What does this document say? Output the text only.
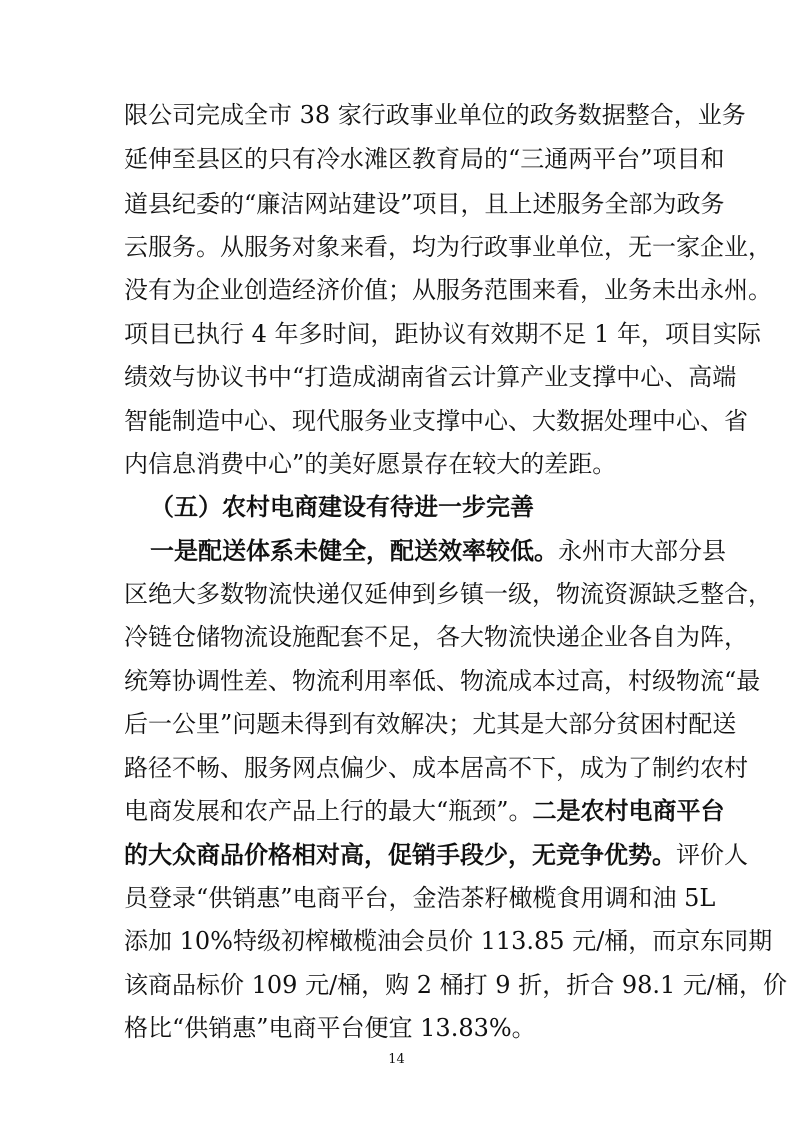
限公司完成全市 38 家行政事业单位的政务数据整合，业务
延伸至县区的只有冷水滩区教育局的“三通两平台”项目和
道县纪委的“廉洁网站建设”项目，且上述服务全部为政务
云服务。从服务对象来看，均为行政事业单位，无一家企业，
没有为企业创造经济价值；从服务范围来看，业务未出永州。
项目已执行 4 年多时间，距协议有效期不足 1 年，项目实际
绩效与协议书中“打造成湖南省云计算产业支撑中心、高端
智能制造中心、现代服务业支撑中心、大数据处理中心、省
内信息消费中心”的美好愿景存在较大的差距。
（五）农村电商建设有待进一步完善
一是配送体系未健全，配送效率较低。永州市大部分县
区绝大多数物流快递仅延伸到乡镇一级，物流资源缺乏整合，
冷链仓储物流设施配套不足，各大物流快递企业各自为阵，
统筹协调性差、物流利用率低、物流成本过高，村级物流“最
后一公里”问题未得到有效解决；尤其是大部分贫困村配送
路径不畅、服务网点偏少、成本居高不下，成为了制约农村
电商发展和农产品上行的最大“瓶颈”。二是农村电商平台
的大众商品价格相对高，促销手段少，无竞争优势。评价人
员登录“供销惠”电商平台，金浩茶籽橄榄食用调和油 5L
添加 10%特级初榨橄榄油会员价 113.85 元/桶，而京东同期
该商品标价 109 元/桶，购 2 桶打 9 折，折合 98.1 元/桶，价
格比“供销惠”电商平台便宜 13.83%。
14
